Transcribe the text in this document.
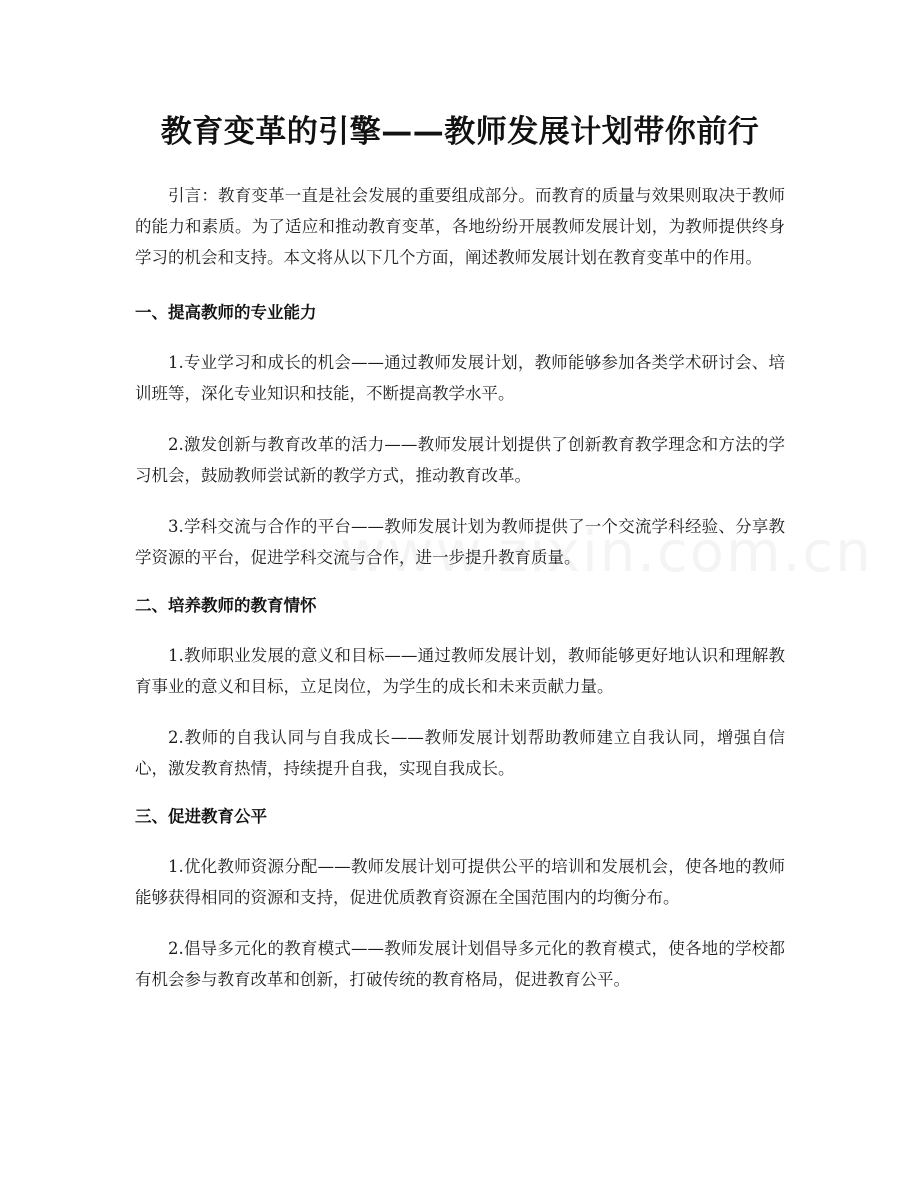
教育变革的引擎——教师发展计划带你前行

引言：教育变革一直是社会发展的重要组成部分。而教育的质量与效果则取决于教师的能力和素质。为了适应和推动教育变革，各地纷纷开展教师发展计划，为教师提供终身学习的机会和支持。本文将从以下几个方面，阐述教师发展计划在教育变革中的作用。

一、提高教师的专业能力

1.专业学习和成长的机会——通过教师发展计划，教师能够参加各类学术研讨会、培训班等，深化专业知识和技能，不断提高教学水平。

2.激发创新与教育改革的活力——教师发展计划提供了创新教育教学理念和方法的学习机会，鼓励教师尝试新的教学方式，推动教育改革。

3.学科交流与合作的平台——教师发展计划为教师提供了一个交流学科经验、分享教学资源的平台，促进学科交流与合作，进一步提升教育质量。

二、培养教师的教育情怀

1.教师职业发展的意义和目标——通过教师发展计划，教师能够更好地认识和理解教育事业的意义和目标，立足岗位，为学生的成长和未来贡献力量。

2.教师的自我认同与自我成长——教师发展计划帮助教师建立自我认同，增强自信心，激发教育热情，持续提升自我，实现自我成长。

三、促进教育公平

1.优化教师资源分配——教师发展计划可提供公平的培训和发展机会，使各地的教师能够获得相同的资源和支持，促进优质教育资源在全国范围内的均衡分布。

2.倡导多元化的教育模式——教师发展计划倡导多元化的教育模式，使各地的学校都有机会参与教育改革和创新，打破传统的教育格局，促进教育公平。
